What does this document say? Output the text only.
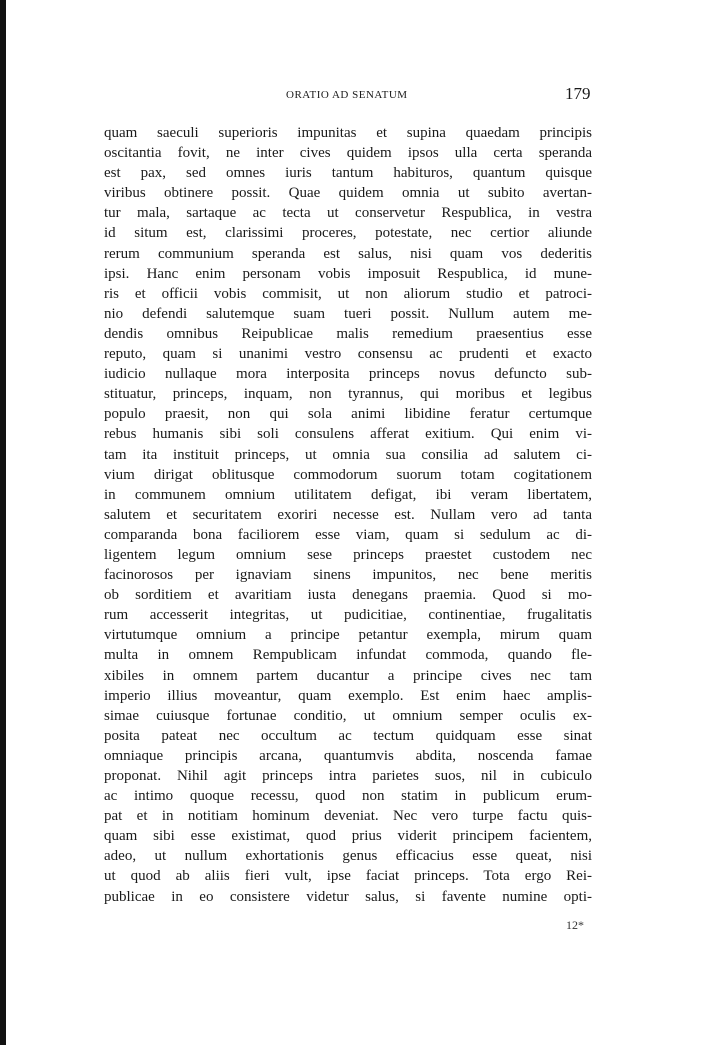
ORATIO AD SENATUM	179
quam saeculi superioris impunitas et supina quaedam principis
oscitantia fovit, ne inter cives quidem ipsos ulla certa speranda
est pax, sed omnes iuris tantum habituros, quantum quisque
viribus obtinere possit. Quae quidem omnia ut subito avertan-
tur mala, sartaque ac tecta ut conservetur Respublica, in vestra
id situm est, clarissimi proceres, potestate, nec certior aliunde
rerum communium speranda est salus, nisi quam vos dederitis
ipsi. Hanc enim personam vobis imposuit Respublica, id mune-
ris et officii vobis commisit, ut non aliorum studio et patroci-
nio defendi salutemque suam tueri possit. Nullum autem me-
dendis omnibus Reipublicae malis remedium praesentius esse
reputo, quam si unanimi vestro consensu ac prudenti et exacto
iudicio nullaque mora interposita princeps novus defuncto sub-
stituatur, princeps, inquam, non tyrannus, qui moribus et legibus
populo praesit, non qui sola animi libidine feratur certumque
rebus humanis sibi soli consulens afferat exitium. Qui enim vi-
tam ita instituit princeps, ut omnia sua consilia ad salutem ci-
vium dirigat oblitusque commodorum suorum totam cogitationem
in communem omnium utilitatem defigat, ibi veram libertatem,
salutem et securitatem exoriri necesse est. Nullam vero ad tanta
comparanda bona faciliorem esse viam, quam si sedulum ac di-
ligentem legum omnium sese princeps praestet custodem nec
facinorosos per ignaviam sinens impunitos, nec bene meritis
ob sorditiem et avaritiam iusta denegans praemia. Quod si mo-
rum accesserit integritas, ut pudicitiae, continentiae, frugalitatis
virtutumque omnium a principe petantur exempla, mirum quam
multa in omnem Rempublicam infundat commoda, quando fle-
xibiles in omnem partem ducantur a principe cives nec tam
imperio illius moveantur, quam exemplo. Est enim haec amplis-
simae cuiusque fortunae conditio, ut omnium semper oculis ex-
posita pateat nec occultum ac tectum quidquam esse sinat
omniaque principis arcana, quantumvis abdita, noscenda famae
proponat. Nihil agit princeps intra parietes suos, nil in cubiculo
ac intimo quoque recessu, quod non statim in publicum erum-
pat et in notitiam hominum deveniat. Nec vero turpe factu quis-
quam sibi esse existimat, quod prius viderit principem facientem,
adeo, ut nullum exhortationis genus efficacius esse queat, nisi
ut quod ab aliis fieri vult, ipse faciat princeps. Tota ergo Rei-
publicae in eo consistere videtur salus, si favente numine opti-
12*
